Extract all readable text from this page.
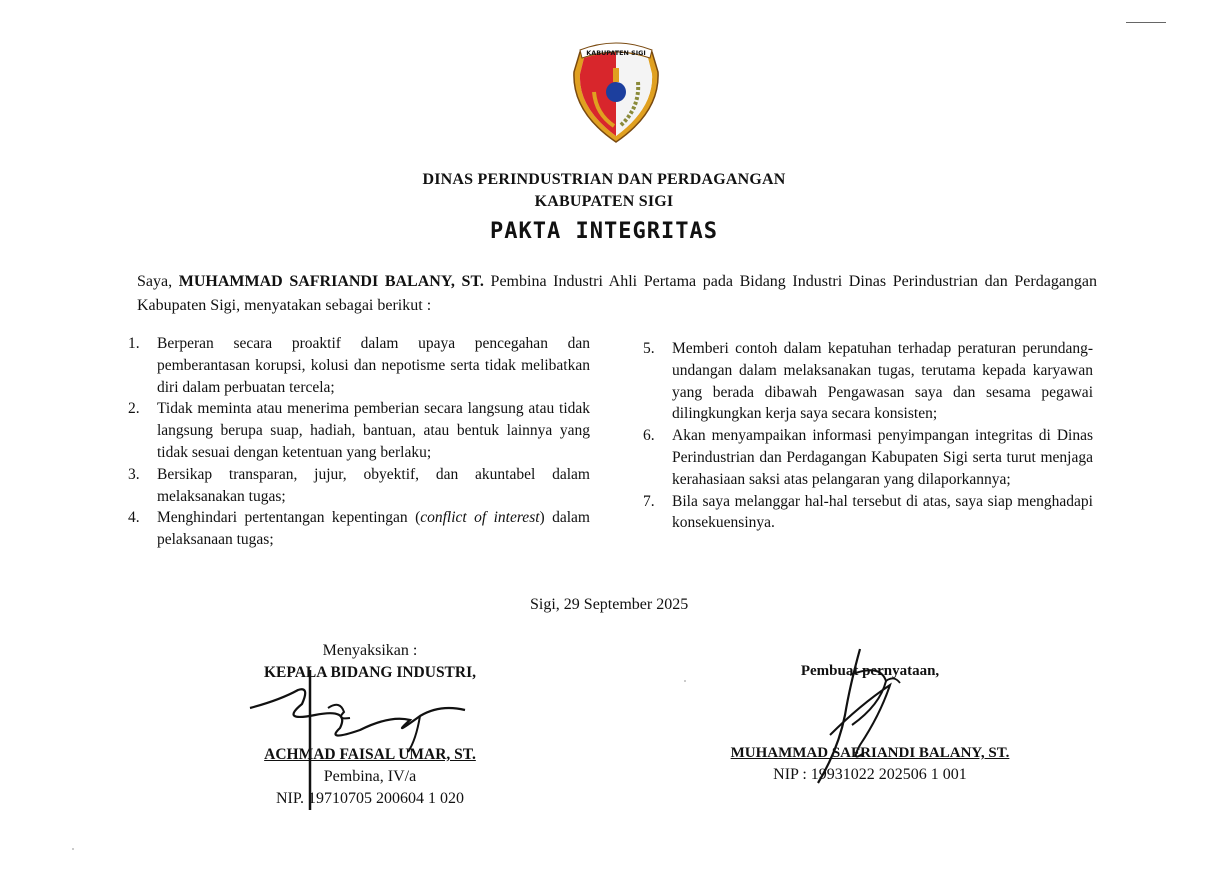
KABUPATEN SIGI
DINAS PERINDUSTRIAN DAN PERDAGANGAN
KABUPATEN SIGI
PAKTA INTEGRITAS
Saya, MUHAMMAD SAFRIANDI BALANY, ST. Pembina Industri Ahli Pertama pada Bidang Industri Dinas Perindustrian dan Perdagangan Kabupaten Sigi, menyatakan sebagai berikut :
1.	Berperan secara proaktif dalam upaya pencegahan dan pemberantasan korupsi, kolusi dan nepotisme serta tidak melibatkan diri dalam perbuatan tercela;
2.	Tidak meminta atau menerima pemberian secara langsung atau tidak langsung berupa suap, hadiah, bantuan, atau bentuk lainnya yang tidak sesuai dengan ketentuan yang berlaku;
3.	Bersikap transparan, jujur, obyektif, dan akuntabel dalam melaksanakan tugas;
4.	Menghindari pertentangan kepentingan (conflict of interest) dalam pelaksanaan tugas;
5.	Memberi contoh dalam kepatuhan terhadap peraturan perundang-undangan dalam melaksanakan tugas, terutama kepada karyawan yang berada dibawah Pengawasan saya dan sesama pegawai dilingkungkan kerja saya secara konsisten;
6.	Akan menyampaikan informasi penyimpangan integritas di Dinas Perindustrian dan Perdagangan Kabupaten Sigi serta turut menjaga kerahasiaan saksi atas pelangaran yang dilaporkannya;
7.	Bila saya melanggar hal-hal tersebut di atas, saya siap menghadapi konsekuensinya.
Sigi, 29 September 2025
Menyaksikan :
KEPALA BIDANG INDUSTRI,
ACHMAD FAISAL UMAR, ST.
Pembina, IV/a
NIP. 19710705 200604 1 020
Pembuat pernyataan,
MUHAMMAD SAFRIANDI BALANY, ST.
NIP : 19931022 202506 1 001
